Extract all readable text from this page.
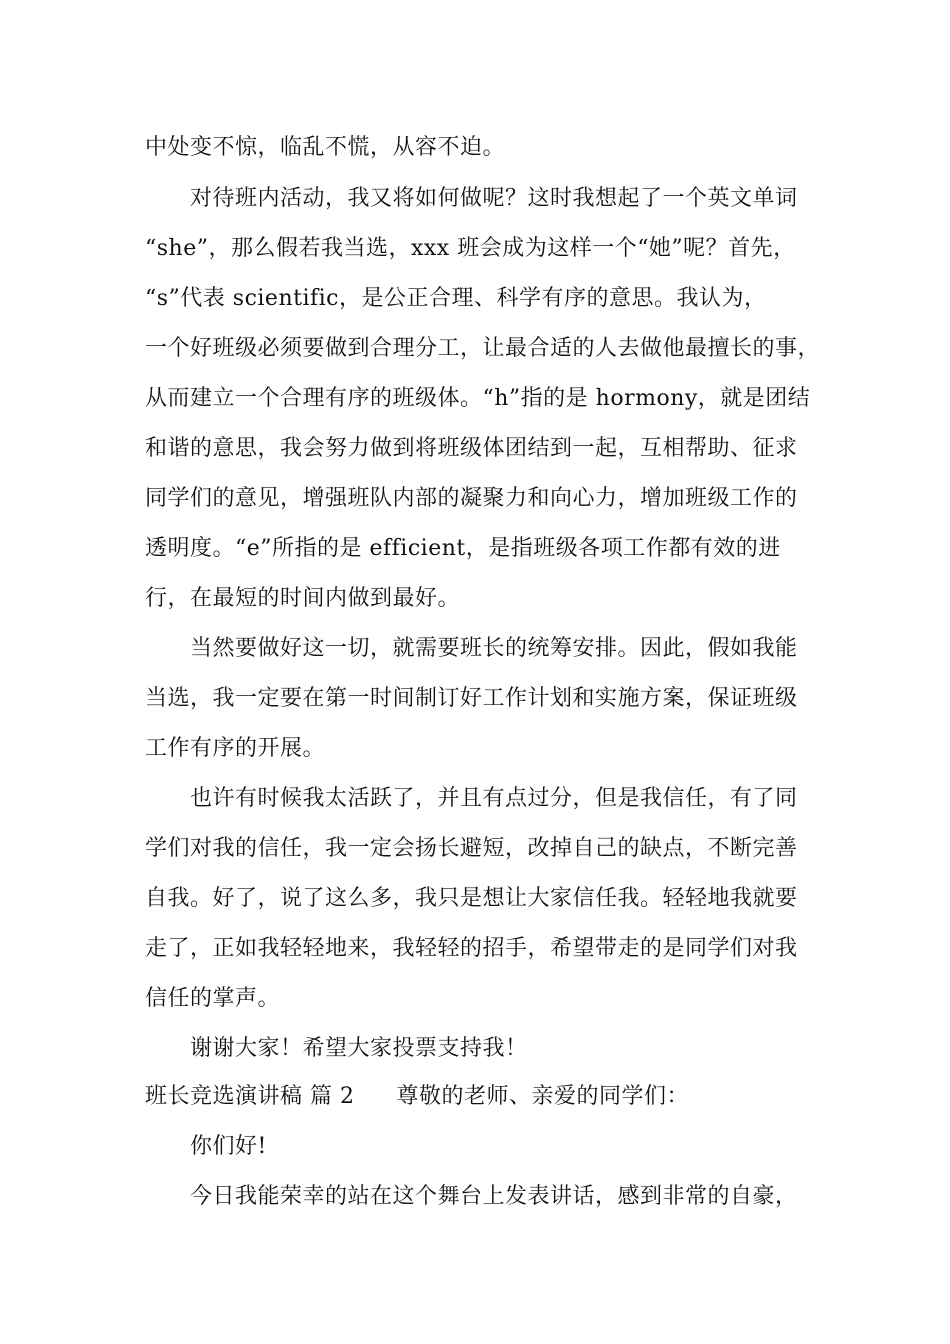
中处变不惊，临乱不慌，从容不迫。
对待班内活动，我又将如何做呢？这时我想起了一个英文单词
“she”，那么假若我当选，xxx 班会成为这样一个“她”呢？首先，
“s”代表 scientific，是公正合理、科学有序的意思。我认为，
一个好班级必须要做到合理分工，让最合适的人去做他最擅长的事，
从而建立一个合理有序的班级体。“h”指的是 hormony，就是团结
和谐的意思，我会努力做到将班级体团结到一起，互相帮助、征求
同学们的意见，增强班队内部的凝聚力和向心力，增加班级工作的
透明度。“e”所指的是 efficient，是指班级各项工作都有效的进
行，在最短的时间内做到最好。
当然要做好这一切，就需要班长的统筹安排。因此，假如我能
当选，我一定要在第一时间制订好工作计划和实施方案，保证班级
工作有序的开展。
也许有时候我太活跃了，并且有点过分，但是我信任，有了同
学们对我的信任，我一定会扬长避短，改掉自己的缺点，不断完善
自我。好了，说了这么多，我只是想让大家信任我。轻轻地我就要
走了，正如我轻轻地来，我轻轻的招手，希望带走的是同学们对我
信任的掌声。
谢谢大家！希望大家投票支持我！
班长竞选演讲稿 篇 2 尊敬的老师、亲爱的同学们：
你们好!
今日我能荣幸的站在这个舞台上发表讲话，感到非常的自豪，
